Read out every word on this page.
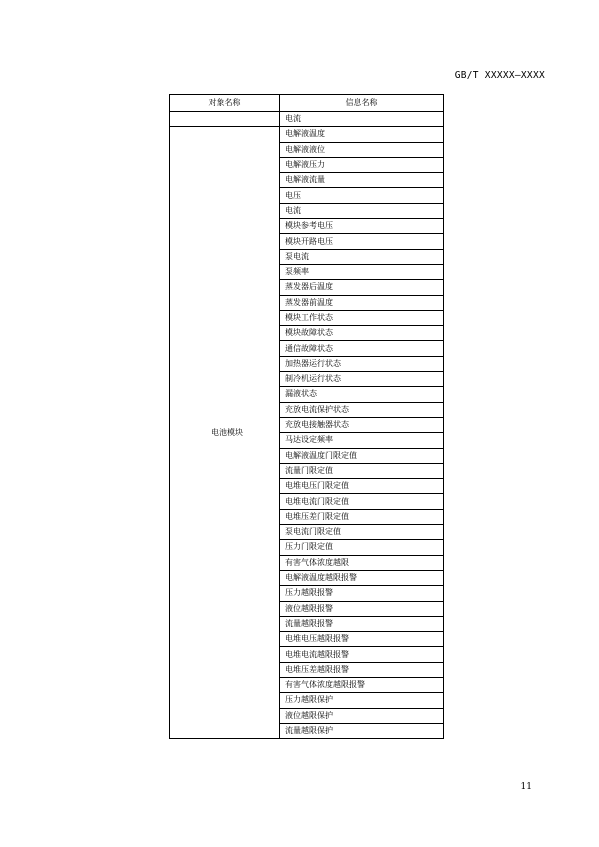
GB/T XXXXX—XXXX
对象名称	信息名称
	电流
电池模块	电解液温度
	电解液液位
	电解液压力
	电解液流量
	电压
	电流
	模块参考电压
	模块开路电压
	泵电流
	泵频率
	蒸发器后温度
	蒸发器前温度
	模块工作状态
	模块故障状态
	通信故障状态
	加热器运行状态
	制冷机运行状态
	漏液状态
	充放电流保护状态
	充放电接触器状态
	马达设定频率
	电解液温度门限定值
	流量门限定值
	电堆电压门限定值
	电堆电流门限定值
	电堆压差门限定值
	泵电流门限定值
	压力门限定值
	有害气体浓度越限
	电解液温度越限报警
	压力越限报警
	液位越限报警
	流量越限报警
	电堆电压越限报警
	电堆电流越限报警
	电堆压差越限报警
	有害气体浓度越限报警
	压力越限保护
	液位越限保护
	流量越限保护
11
